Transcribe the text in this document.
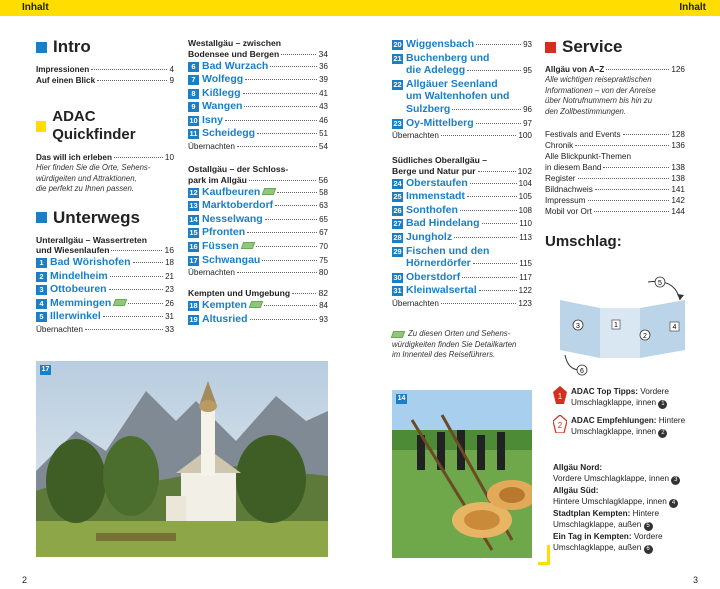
Inhalt	Inhalt
Intro
Impressionen	4
Auf einen Blick	9
ADAC Quickfinder
Das will ich erleben	10
Hier finden Sie die Orte, Sehens-
würdigeiten und Attraktionen,
die perfekt zu Ihnen passen.
Unterwegs
Unterallgäu – Wassertreten
und Wiesenlaufen	16
1 Bad Wörishofen	18
2 Mindelheim	21
3 Ottobeuren	23
4 Memmingen	26
5 Illerwinkel	31
Übernachten	33
Westallgäu – zwischen
Bodensee und Bergen	34
6 Bad Wurzach	36
7 Wolfegg	39
8 Kißlegg	41
9 Wangen	43
10 Isny	46
11 Scheidegg	51
Übernachten	54
Ostallgäu – der Schloss-
park im Allgäu	56
12 Kaufbeuren	58
13 Marktoberdorf	63
14 Nesselwang	65
15 Pfronten	67
16 Füssen	70
17 Schwangau	75
Übernachten	80
Kempten und Umgebung	82
18 Kempten	84
19 Altusried	93
20 Wiggensbach	93
21 Buchenberg und
die Adelegg	95
22 Allgäuer Seenland
um Waltenhofen und
Sulzberg	96
23 Oy-Mittelberg	97
Übernachten	100
Südliches Oberallgäu –
Berge und Natur pur	102
24 Oberstaufen	104
25 Immenstadt	105
26 Sonthofen	108
27 Bad Hindelang	110
28 Jungholz	113
29 Fischen und den
Hörnerdörfer	115
30 Oberstdorf	117
31 Kleinwalsertal	122
Übernachten	123
Zu diesen Orten und Sehens-
würdigkeiten finden Sie Detailkarten
im Innenteil des Reiseführers.
Service
Allgäu von A–Z	126
Alle wichtigen reisepraktischen
Informationen – von der Anreise
über Notrufnummern bis hin zu
den Zollbestimmungen.
Festivals and Events	128
Chronik	136
Alle Blickpunkt-Themen
in diesem Band	138
Register	138
Bildnachweis	141
Impressum	142
Mobil vor Ort	144
Umschlag:
5
3	1
2
4
6
1
ADAC Top Tipps: Vordere
Umschlagklappe, innen 1
2
ADAC Empfehlungen: Hintere
Umschlagklappe, innen 2
Allgäu Nord:
Vordere Umschlagklappe, innen 3
Allgäu Süd:
Hintere Umschlagklappe, innen 4
Stadtplan Kempten: Hintere
Umschlagklappe, außen 5
Ein Tag in Kempten: Vordere
Umschlagklappe, außen 6
17
14
2	3
